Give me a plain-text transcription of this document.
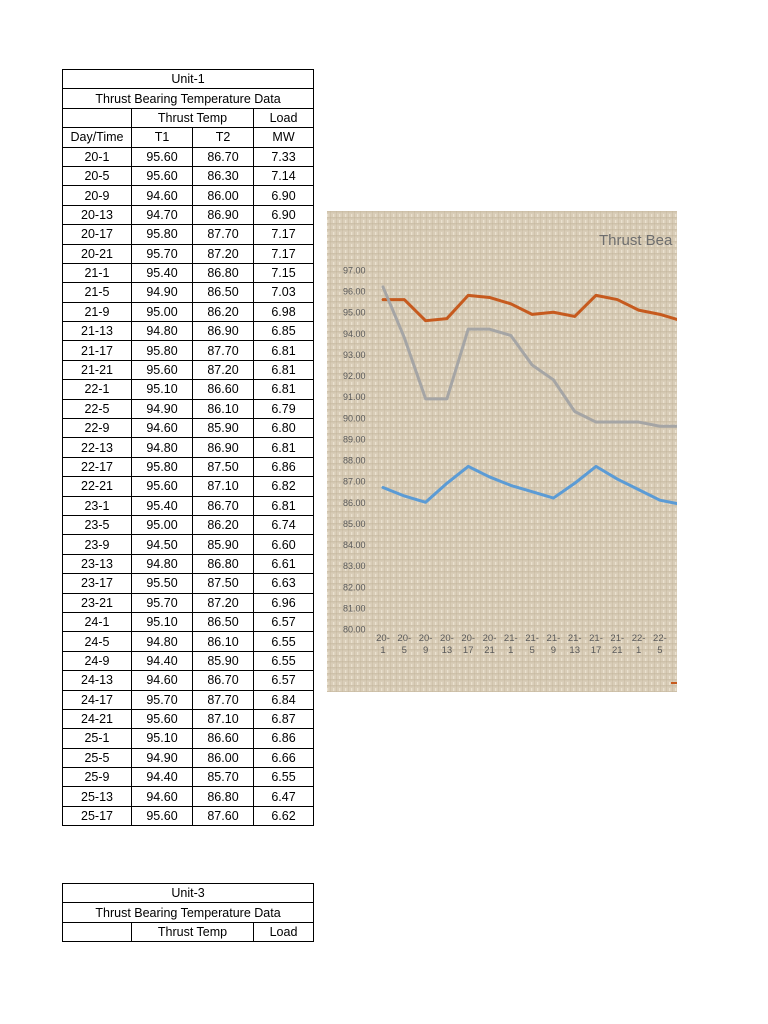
Unit-1			
Thrust Bearing Temperature Data			
	Thrust Temp		Load
Day/Time	T1	T2	MW
20-1	95.60	86.70	7.33
20-5	95.60	86.30	7.14
20-9	94.60	86.00	6.90
20-13	94.70	86.90	6.90
20-17	95.80	87.70	7.17
20-21	95.70	87.20	7.17
21-1	95.40	86.80	7.15
21-5	94.90	86.50	7.03
21-9	95.00	86.20	6.98
21-13	94.80	86.90	6.85
21-17	95.80	87.70	6.81
21-21	95.60	87.20	6.81
22-1	95.10	86.60	6.81
22-5	94.90	86.10	6.79
22-9	94.60	85.90	6.80
22-13	94.80	86.90	6.81
22-17	95.80	87.50	6.86
22-21	95.60	87.10	6.82
23-1	95.40	86.70	6.81
23-5	95.00	86.20	6.74
23-9	94.50	85.90	6.60
23-13	94.80	86.80	6.61
23-17	95.50	87.50	6.63
23-21	95.70	87.20	6.96
24-1	95.10	86.50	6.57
24-5	94.80	86.10	6.55
24-9	94.40	85.90	6.55
24-13	94.60	86.70	6.57
24-17	95.70	87.70	6.84
24-21	95.60	87.10	6.87
25-1	95.10	86.60	6.86
25-5	94.90	86.00	6.66
25-9	94.40	85.70	6.55
25-13	94.60	86.80	6.47
25-17	95.60	87.60	6.62
Thrust Bea
97.00
96.00
95.00
94.00
93.00
92.00
91.00
90.00
89.00
88.00
87.00
86.00
85.00
84.00
83.00
82.00
81.00
80.00
20-
1
20-
5
20-
9
20-
13
20-
17
20-
21
21-
1
21-
5
21-
9
21-
13
21-
17
21-
21
22-
1
22-
5
Unit-3
Thrust Bearing Temperature Data
	Thrust Temp	Load
